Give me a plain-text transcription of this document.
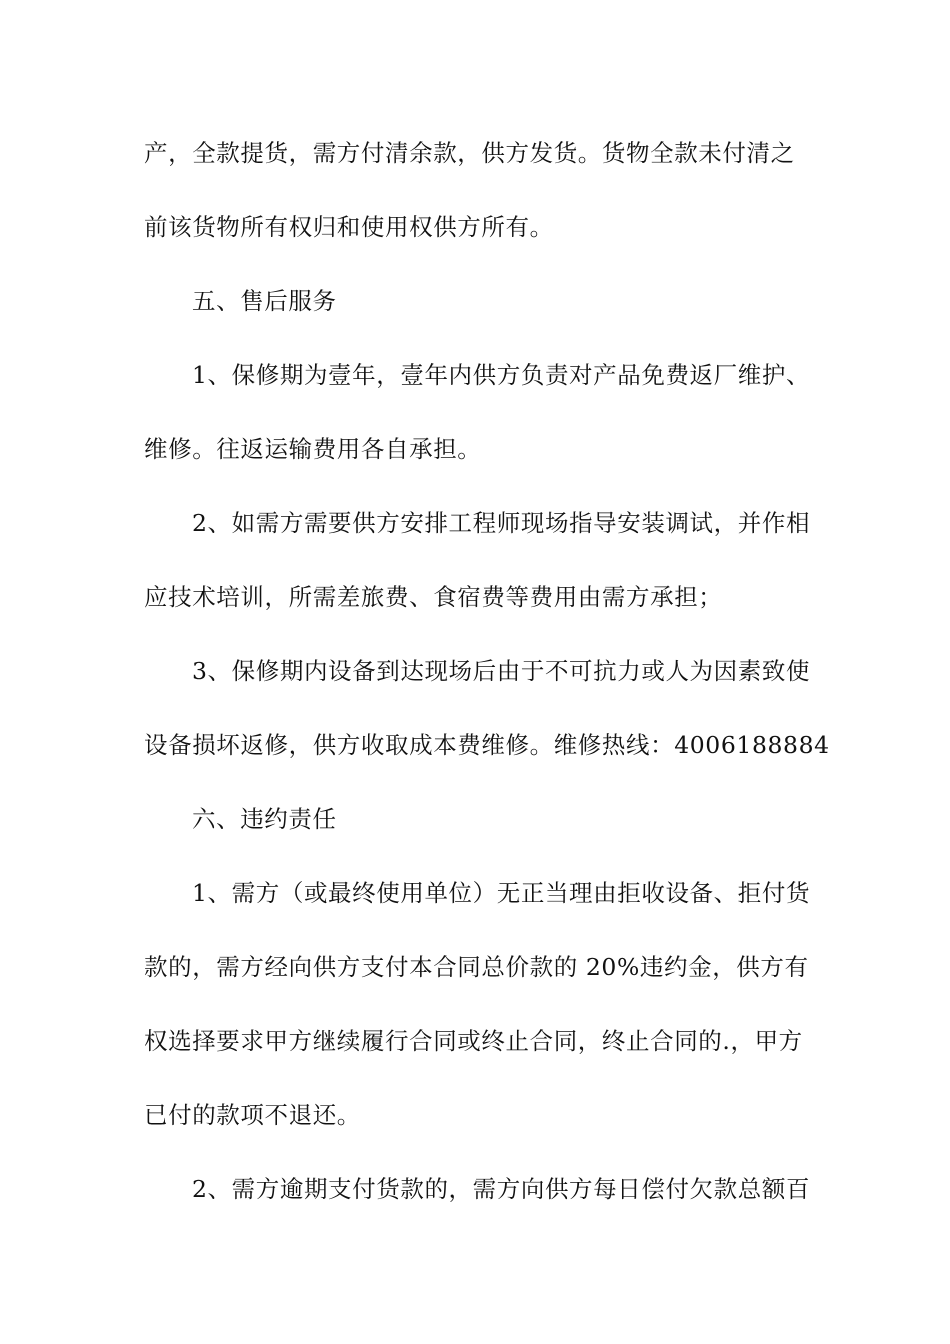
产，全款提货，需方付清余款，供方发货。货物全款未付清之
前该货物所有权归和使用权供方所有。
五、售后服务
1、保修期为壹年，壹年内供方负责对产品免费返厂维护、
维修。往返运输费用各自承担。
2、如需方需要供方安排工程师现场指导安装调试，并作相
应技术培训，所需差旅费、食宿费等费用由需方承担；
3、保修期内设备到达现场后由于不可抗力或人为因素致使
设备损坏返修，供方收取成本费维修。维修热线：4006188884
六、违约责任
1、需方（或最终使用单位）无正当理由拒收设备、拒付货
款的，需方经向供方支付本合同总价款的 20%违约金，供方有
权选择要求甲方继续履行合同或终止合同，终止合同的.，甲方
已付的款项不退还。
2、需方逾期支付货款的，需方向供方每日偿付欠款总额百
